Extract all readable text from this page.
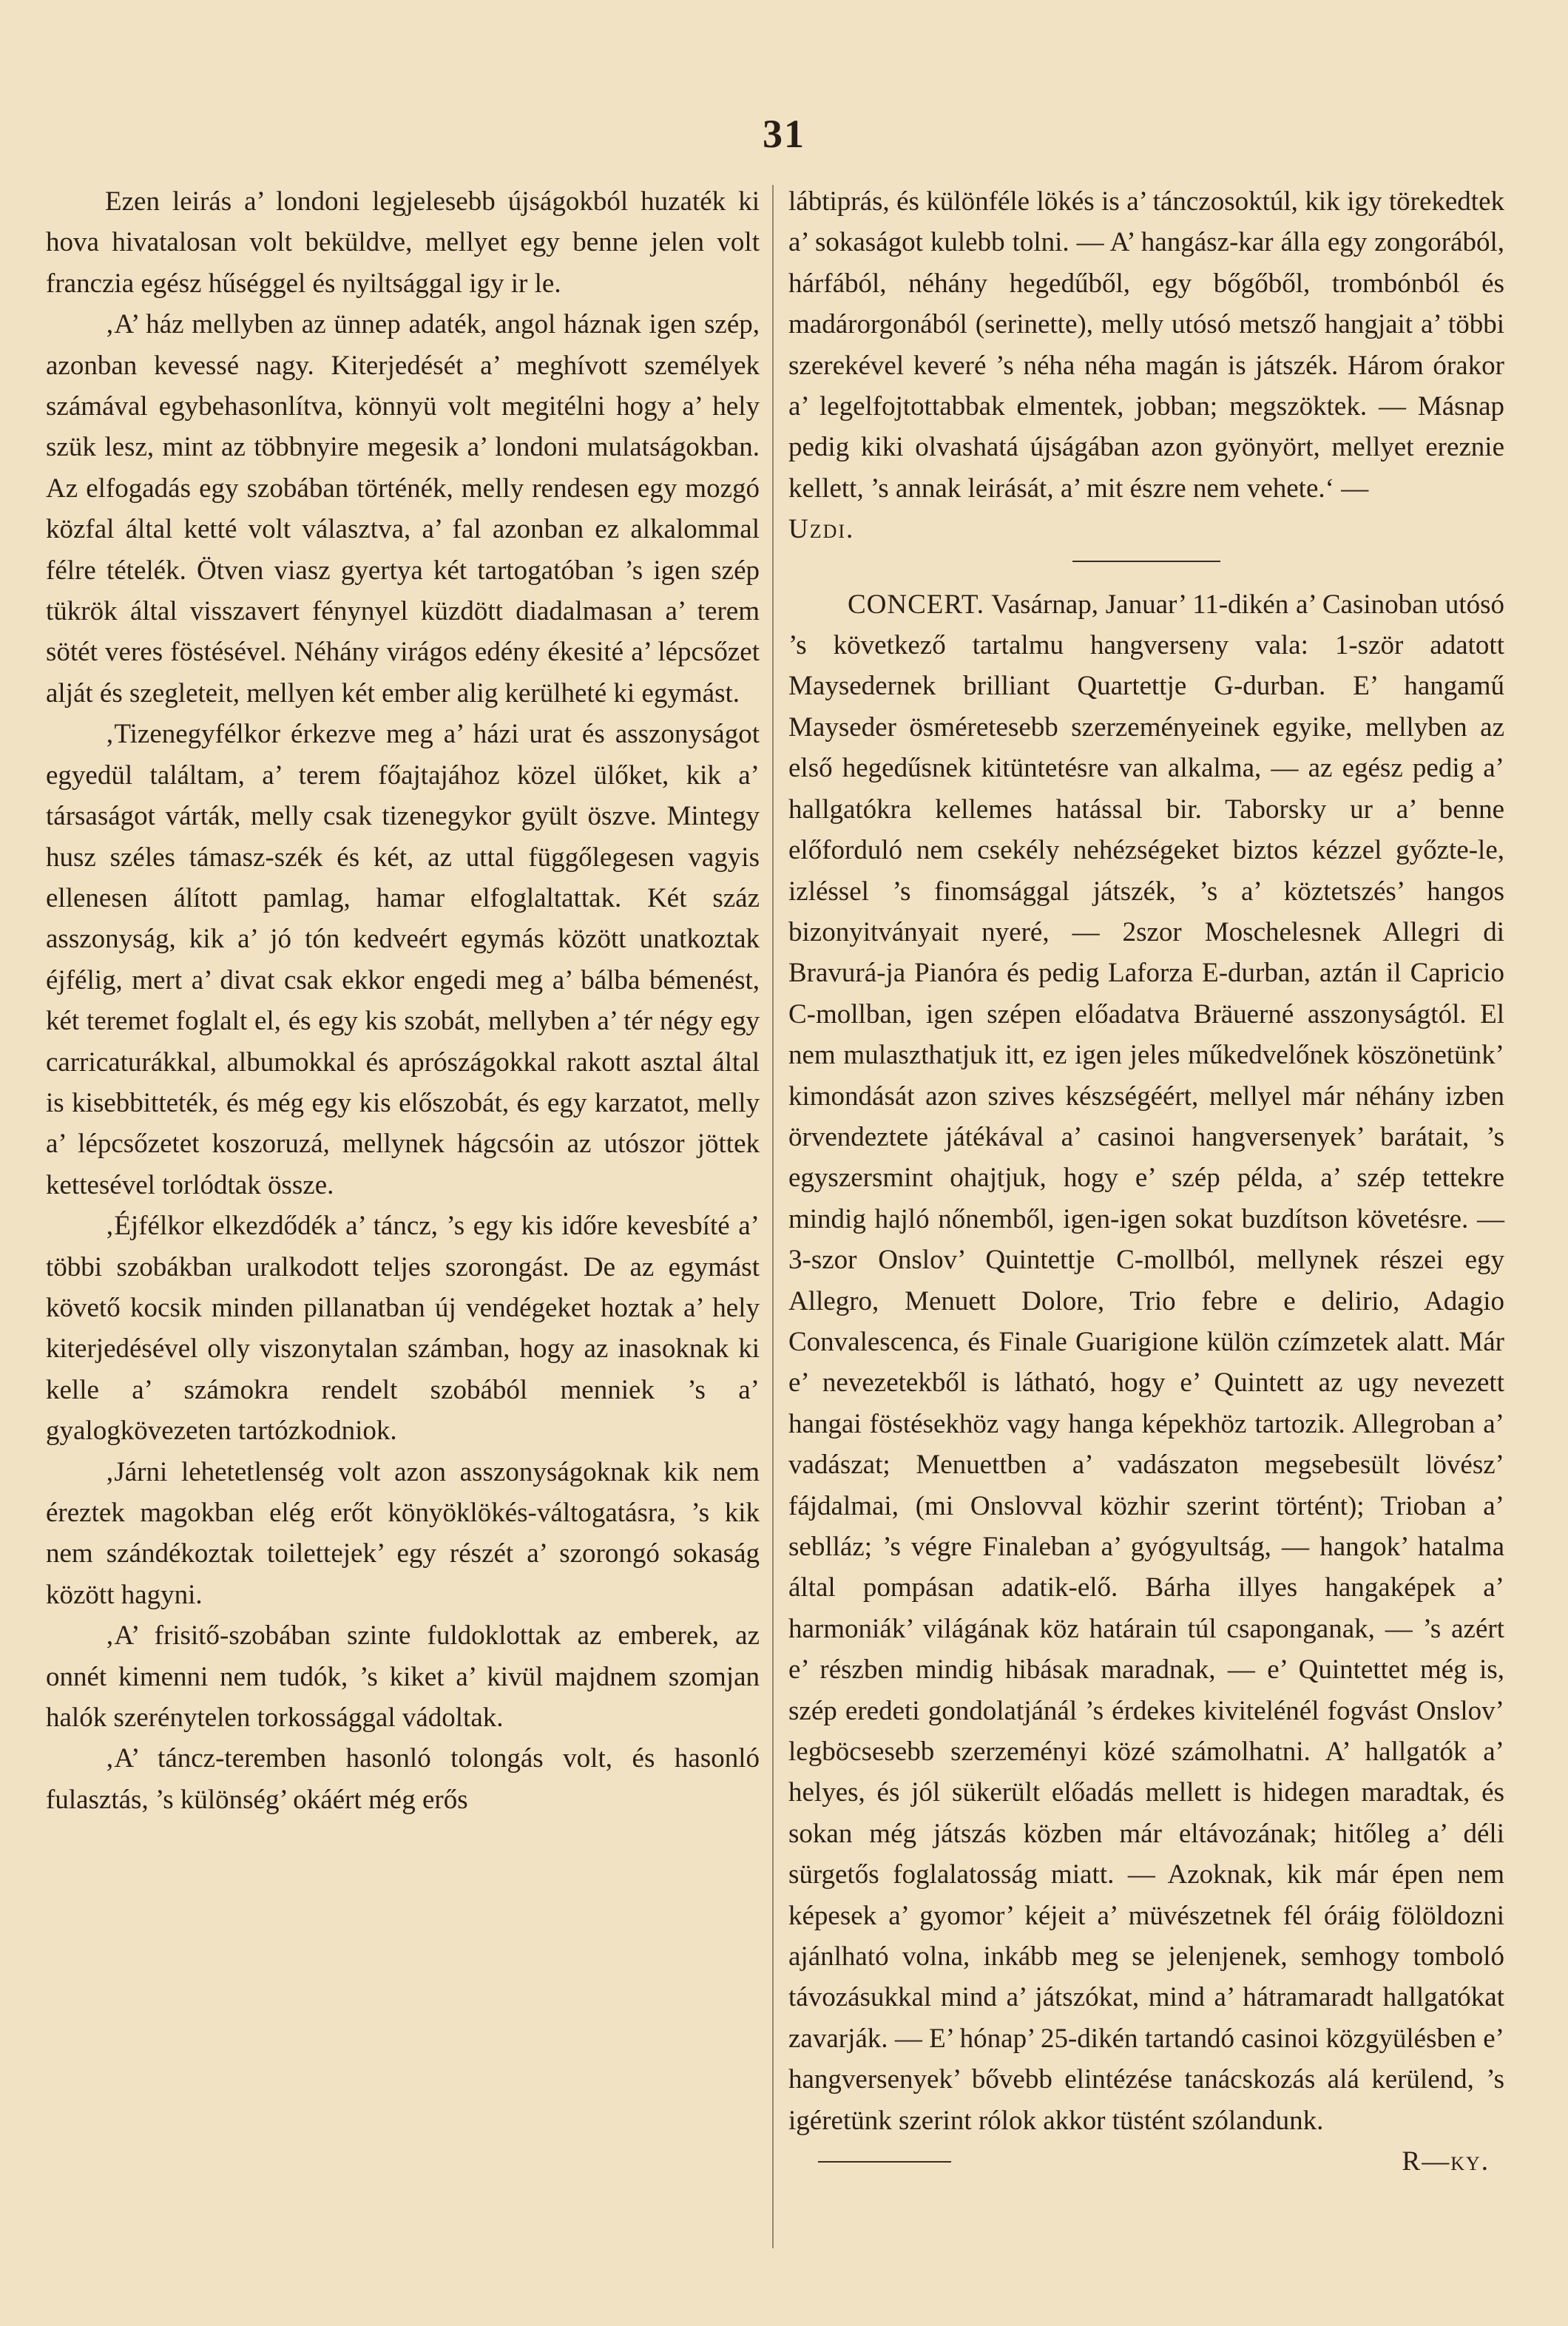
31

Ezen leirás a’ londoni legjelesebb újságokból huzaték ki hova hivatalosan volt beküldve, mellyet egy benne jelen volt franczia egész hűséggel és nyiltsággal igy ir le.

‚A’ ház mellyben az ünnep adaték, angol háznak igen szép, azonban kevessé nagy. Kiterjedését a’ meghívott személyek számával egybehasonlítva, könnyü volt megitélni hogy a’ hely szük lesz, mint az többnyire megesik a’ londoni mulatságokban. Az elfogadás egy szobában történék, melly rendesen egy mozgó közfal által ketté volt választva, a’ fal azonban ez alkalommal félre tételék. Ötven viasz gyertya két tartogatóban ’s igen szép tükrök által visszavert fénynyel küzdött diadalmasan a’ terem sötét veres föstésével. Néhány virágos edény ékesité a’ lépcsőzet alját és szegleteit, mellyen két ember alig kerülheté ki egymást.

‚Tizenegyfélkor érkezve meg a’ házi urat és asszonyságot egyedül találtam, a’ terem főajtajához közel ülőket, kik a’ társaságot várták, melly csak tizenegykor gyült öszve. Mintegy husz széles támasz-szék és két, az uttal függőlegesen vagyis ellenesen álított pamlag, hamar elfoglaltattak. Két száz asszonyság, kik a’ jó tón kedveért egymás között unatkoztak éjfélig, mert a’ divat csak ekkor engedi meg a’ bálba bémenést, két teremet foglalt el, és egy kis szobát, mellyben a’ tér négy egy carricaturákkal, albumokkal és aprószágokkal rakott asztal által is kisebbitteték, és még egy kis előszobát, és egy karzatot, melly a’ lépcsőzetet koszoruzá, mellynek hágcsóin az utószor jöttek kettesével torlódtak össze.

‚Éjfélkor elkezdődék a’ táncz, ’s egy kis időre kevesbíté a’ többi szobákban uralkodott teljes szorongást. De az egymást követő kocsik minden pillanatban új vendégeket hoztak a’ hely kiterjedésével olly viszonytalan számban, hogy az inasoknak ki kelle a’ számokra rendelt szobából menniek ’s a’ gyalogkövezeten tartózkodniok.

‚Járni lehetetlenség volt azon asszonyságoknak kik nem éreztek magokban elég erőt könyöklökés-váltogatásra, ’s kik nem szándékoztak toilettejek’ egy részét a’ szorongó sokaság között hagyni.

‚A’ frisitő-szobában szinte fuldoklottak az emberek, az onnét kimenni nem tudók, ’s kiket a’ kivül majdnem szomjan halók szerénytelen torkossággal vádoltak.

‚A’ táncz-teremben hasonló tolongás volt, és hasonló fulasztás, ’s különség’ okáért még erős

lábtiprás, és különféle lökés is a’ tánczosoktúl, kik igy törekedtek a’ sokaságot kulebb tolni. — A’ hangász-kar álla egy zongorából, hárfából, néhány hegedűből, egy bőgőből, trombónból és madárorgonából (serinette), melly utósó metsző hangjait a’ többi szerekével keveré ’s néha néha magán is játszék. Három órakor a’ legelfojtottabbak elmentek, jobban; megszöktek. — Másnap pedig kiki olvashatá újságában azon gyönyört, mellyet ereznie kellett, ’s annak leirását, a’ mit észre nem vehete.‘ —

Uzdi.

CONCERT. Vasárnap, Januar’ 11-dikén a’ Casinoban utósó ’s következő tartalmu hangverseny vala: 1-ször adatott Maysedernek brilliant Quartettje G-durban. E’ hangamű Mayseder ösméretesebb szerzeményeinek egyike, mellyben az első hegedűsnek kitüntetésre van alkalma, — az egész pedig a’ hallgatókra kellemes hatással bir. Taborsky ur a’ benne előforduló nem csekély nehézségeket biztos kézzel győzte-le, izléssel ’s finomsággal játszék, ’s a’ köztetszés’ hangos bizonyitványait nyeré, — 2szor Moschelesnek Allegri di Bravurá-ja Pianóra és pedig Laforza E-durban, aztán il Capricio C-mollban, igen szépen előadatva Bräuerné asszonyságtól. El nem mulaszthatjuk itt, ez igen jeles műkedvelőnek köszönetünk’ kimondását azon szives készségéért, mellyel már néhány izben örvendeztete játékával a’ casinoi hangversenyek’ barátait, ’s egyszersmint ohajtjuk, hogy e’ szép példa, a’ szép tettekre mindig hajló nőnemből, igen-igen sokat buzdítson követésre. — 3-szor Onslov’ Quintettje C-mollból, mellynek részei egy Allegro, Menuett Dolore, Trio febre e delirio, Adagio Convalescenca, és Finale Guarigione külön czímzetek alatt. Már e’ nevezetekből is látható, hogy e’ Quintett az ugy nevezett hangai föstésekhöz vagy hanga képekhöz tartozik. Allegroban a’ vadászat; Menuettben a’ vadászaton megsebesült lövész’ fájdalmai, (mi Onslovval közhir szerint történt); Trioban a’ seblláz; ’s végre Finaleban a’ gyógyultság, — hangok’ hatalma által pompásan adatik-elő. Bárha illyes hangaképek a’ harmoniák’ világának köz határain túl csaponganak, — ’s azért e’ részben mindig hibásak maradnak, — e’ Quintettet még is, szép eredeti gondolatjánál ’s érdekes kivitelénél fogvást Onslov’ legböcsesebb szerzeményi közé számolhatni. A’ hallgatók a’ helyes, és jól sükerült előadás mellett is hidegen maradtak, és sokan még játszás közben már eltávozának; hitőleg a’ déli sürgetős foglalatosság miatt. — Azoknak, kik már épen nem képesek a’ gyomor’ kéjeit a’ müvészetnek fél óráig fölöldozni ajánlható volna, inkább meg se jelenjenek, semhogy tomboló távozásukkal mind a’ játszókat, mind a’ hátramaradt hallgatókat zavarják. — E’ hónap’ 25-dikén tartandó casinoi közgyülésben e’ hangversenyek’ bővebb elintézése tanácskozás alá kerülend, ’s igéretünk szerint rólok akkor tüstént szólandunk.

R—ky.
